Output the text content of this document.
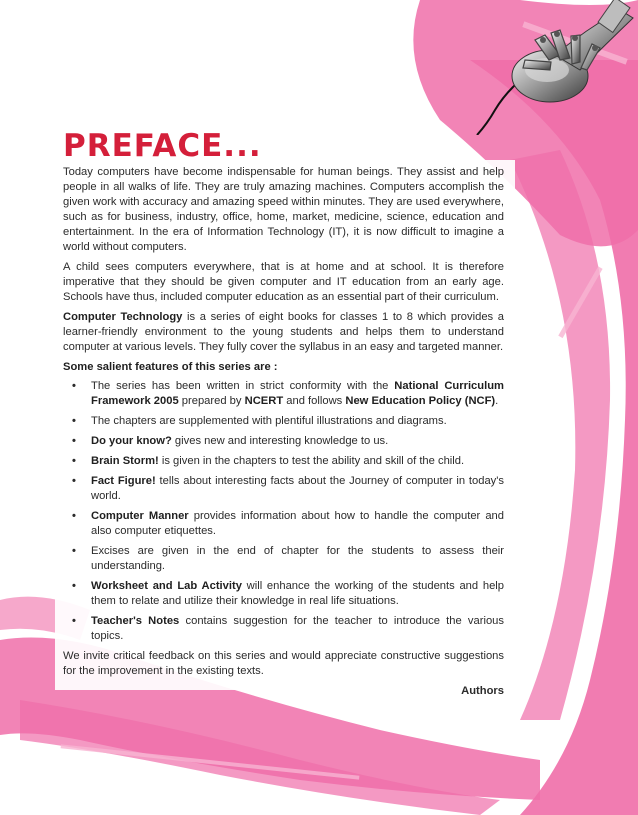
PREFACE...

Today computers have become indispensable for human beings. They assist and help people in all walks of life. They are truly amazing machines. Computers accomplish the given work with accuracy and amazing speed within minutes. They are used everywhere, such as for business, industry, office, home, market, medicine, science, education and entertainment. In the era of Information Technology (IT), it is now difficult to imagine a world without computers.

A child sees computers everywhere, that is at home and at school. It is therefore imperative that they should be given computer and IT education from an early age. Schools have thus, included computer education as an essential part of their curriculum.

Computer Technology is a series of eight books for classes 1 to 8 which provides a learner-friendly environment to the young students and helps them to understand computer at various levels. They fully cover the syllabus in an easy and targeted manner.

Some salient features of this series are :
• The series has been written in strict conformity with the National Curriculum Framework 2005 prepared by NCERT and follows New Education Policy (NCF).
• The chapters are supplemented with plentiful illustrations and diagrams.
• Do your know? gives new and interesting knowledge to us.
• Brain Storm! is given in the chapters to test the ability and skill of the child.
• Fact Figure! tells about interesting facts about the Journey of computer in today's world.
• Computer Manner provides information about how to handle the computer and also computer etiquettes.
• Excises are given in the end of chapter for the students to assess their understanding.
• Worksheet and Lab Activity will enhance the working of the students and help them to relate and utilize their knowledge in real life situations.
• Teacher's Notes contains suggestion for the teacher to introduce the various topics.

We invite critical feedback on this series and would appreciate constructive suggestions for the improvement in the existing texts.

Authors
